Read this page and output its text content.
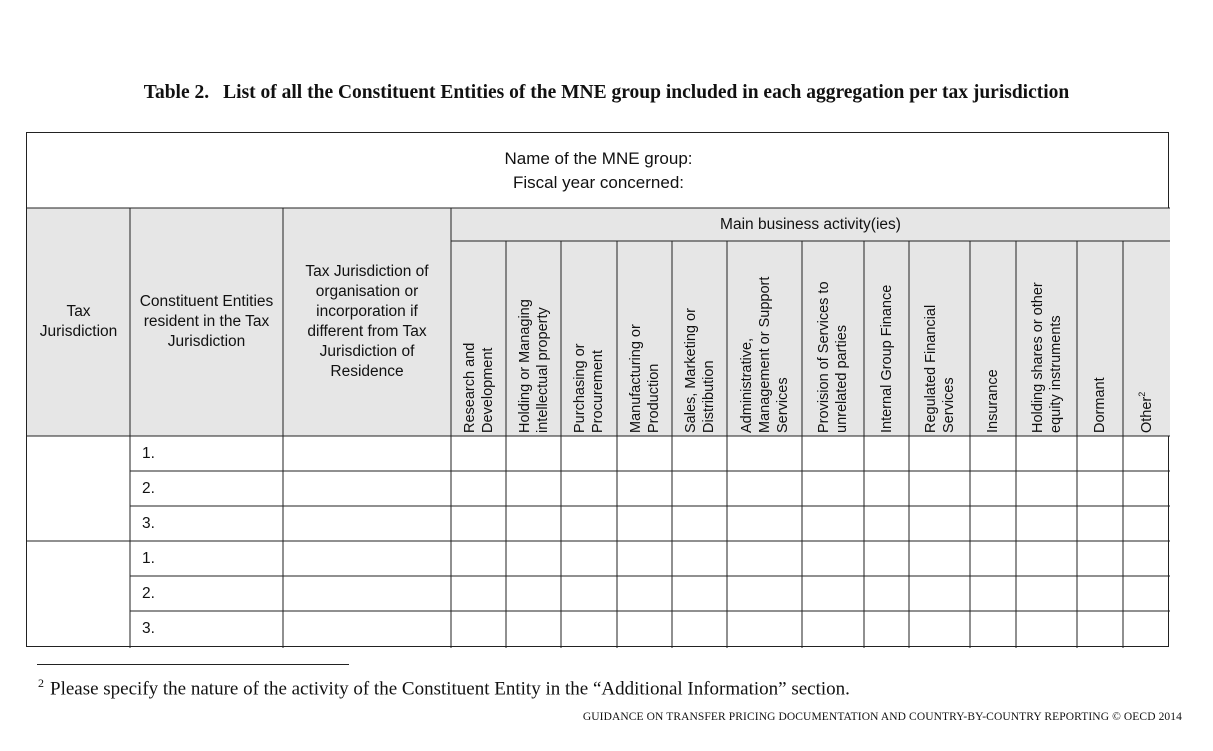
Table 2. List of all the Constituent Entities of the MNE group included in each aggregation per tax jurisdiction
Name of the MNE group:
Fiscal year concerned:
Tax Jurisdiction
Constituent Entities resident in the Tax Jurisdiction
Tax Jurisdiction of organisation or incorporation if different from Tax Jurisdiction of Residence
Main business activity(ies)
Research and Development Holding or Managing intellectual property Purchasing or Procurement Manufacturing or Production Sales, Marketing or Distribution Administrative, Management or Support Services Provision of Services to unrelated parties Internal Group Finance Regulated Financial Services Insurance Holding shares or other equity instruments Dormant Other$^2$
1.
2.
3.
1.
2.
3.
$^2$ Please specify the nature of the activity of the Constituent Entity in the “Additional Information” section.
GUIDANCE ON TRANSFER PRICING DOCUMENTATION AND COUNTRY-BY-COUNTRY REPORTING © OECD 2014
